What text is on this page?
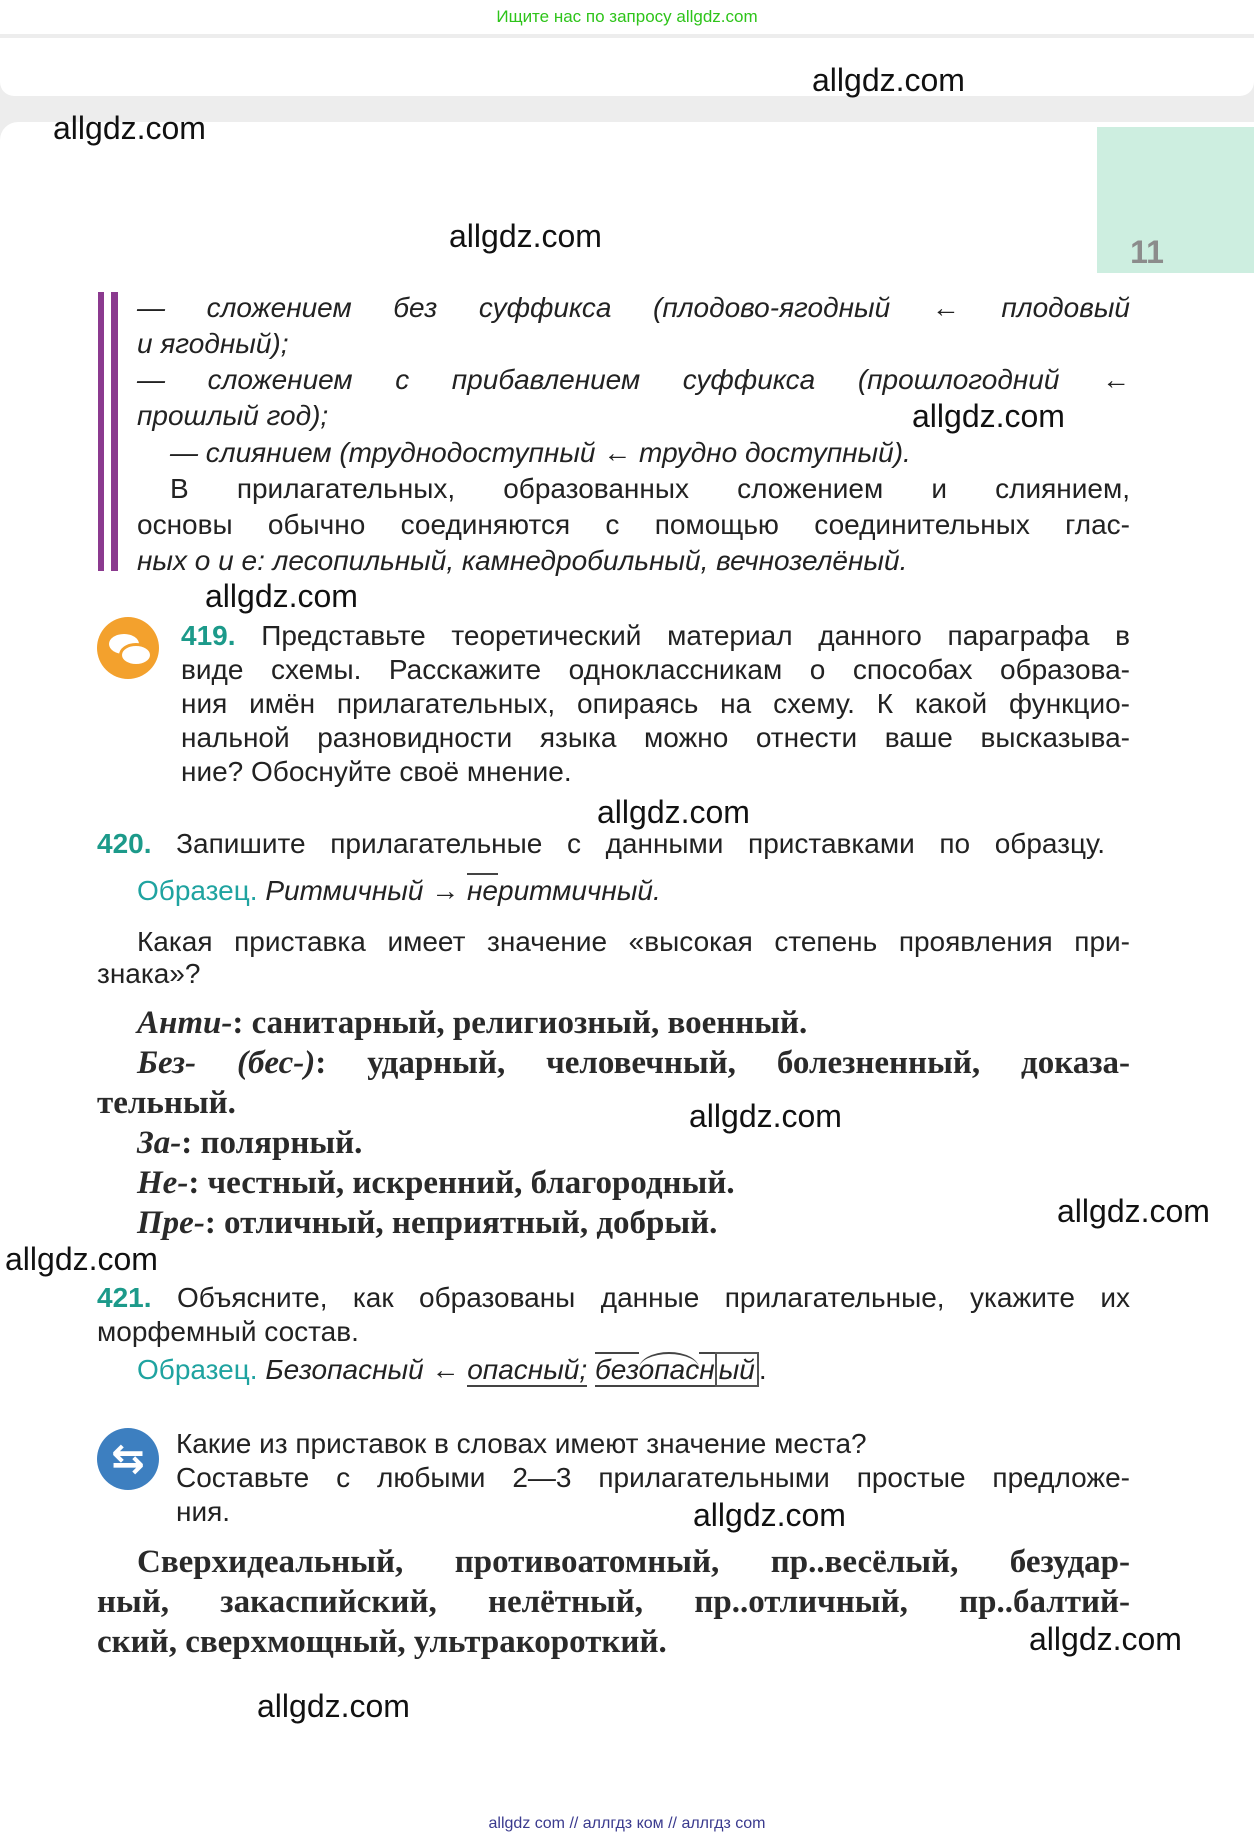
Ищите нас по запросу allgdz.com
11
allgdz.com
allgdz.com
allgdz.com
allgdz.com
allgdz.com
allgdz.com
allgdz.com
allgdz.com
allgdz.com
allgdz.com
allgdz.com
allgdz.com
— сложением без суффикса (плодово-ягодный ← плодовый
и ягодный);
— сложением с прибавлением суффикса (прошлогодний ←
прошлый год);
— слиянием (труднодоступный ← трудно доступный).
В прилагательных, образованных сложением и слиянием,
основы обычно соединяются с помощью соединительных глас-
ных о и е: лесопильный, камнедробильный, вечнозелёный.
419. Представьте теоретический материал данного параграфа в
виде схемы. Расскажите одноклассникам о способах образова-
ния имён прилагательных, опираясь на схему. К какой функцио-
нальной разновидности языка можно отнести ваше высказыва-
ние? Обоснуйте своё мнение.
420. Запишите прилагательные с данными приставками по образцу.
Образец. Ритмичный → неритмичный.
Какая приставка имеет значение «высокая степень проявления при-
знака»?
Анти-: санитарный, религиозный, военный.
Без- (бес-): ударный, человечный, болезненный, доказа-
тельный.
За-: полярный.
Не-: честный, искренний, благородный.
Пре-: отличный, неприятный, добрый.
421. Объясните, как образованы данные прилагательные, укажите их
морфемный состав.
Образец. Безопасный ← опасный; безопасн ый .
⇆	Какие из приставок в словах имеют значение места?
Составьте с любыми 2—3 прилагательными простые предложе-
ния.
Сверхидеальный, противоатомный, пр..весёлый, безудар-
ный, закаспийский, нелётный, пр..отличный, пр..балтий-
ский, сверхмощный, ультракороткий.
allgdz com // аллгдз ком // аллгдз com
